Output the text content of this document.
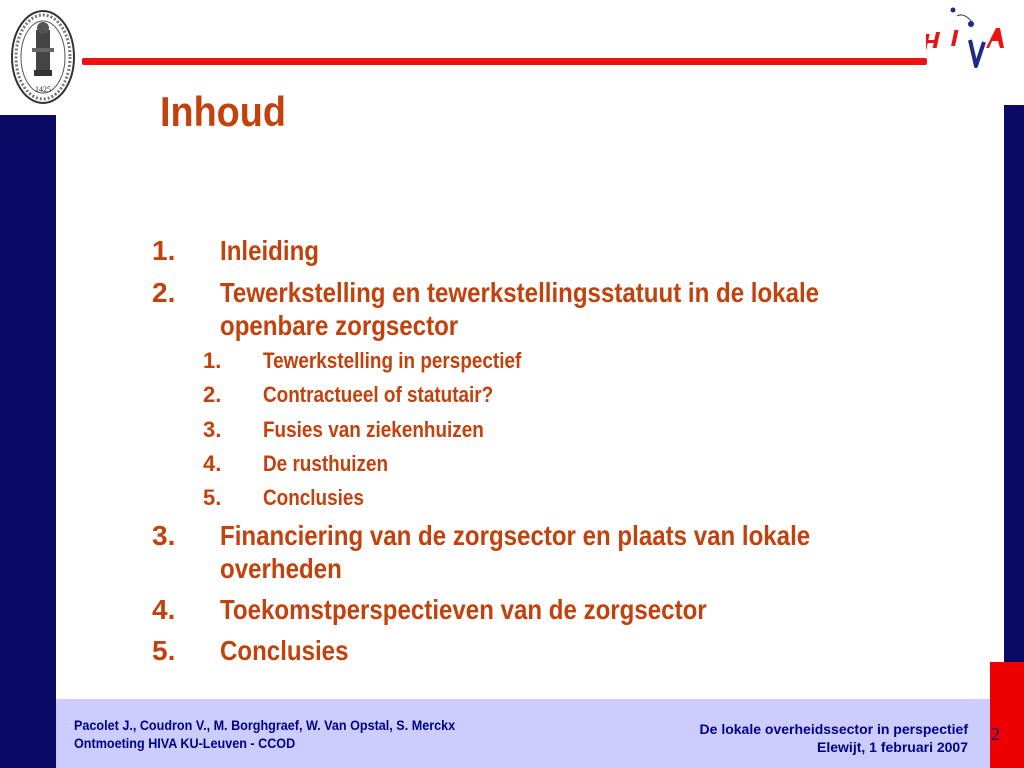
1425	Inhoud
1. Inleiding
2. Tewerkstelling en tewerkstellingsstatuut in de lokale
openbare zorgsector
1. Tewerkstelling in perspectief
2. Contractueel of statutair?
3. Fusies van ziekenhuizen
4. De rusthuizen
5. Conclusies
3. Financiering van de zorgsector en plaats van lokale
overheden
4. Toekomstperspectieven van de zorgsector
5. Conclusies
Pacolet J., Coudron V., M. Borghgraef, W. Van Opstal, S. Merckx
Ontmoeting HIVA KU-Leuven - CCOD
De lokale overheidssector in perspectief
Elewijt, 1 februari 2007
2
